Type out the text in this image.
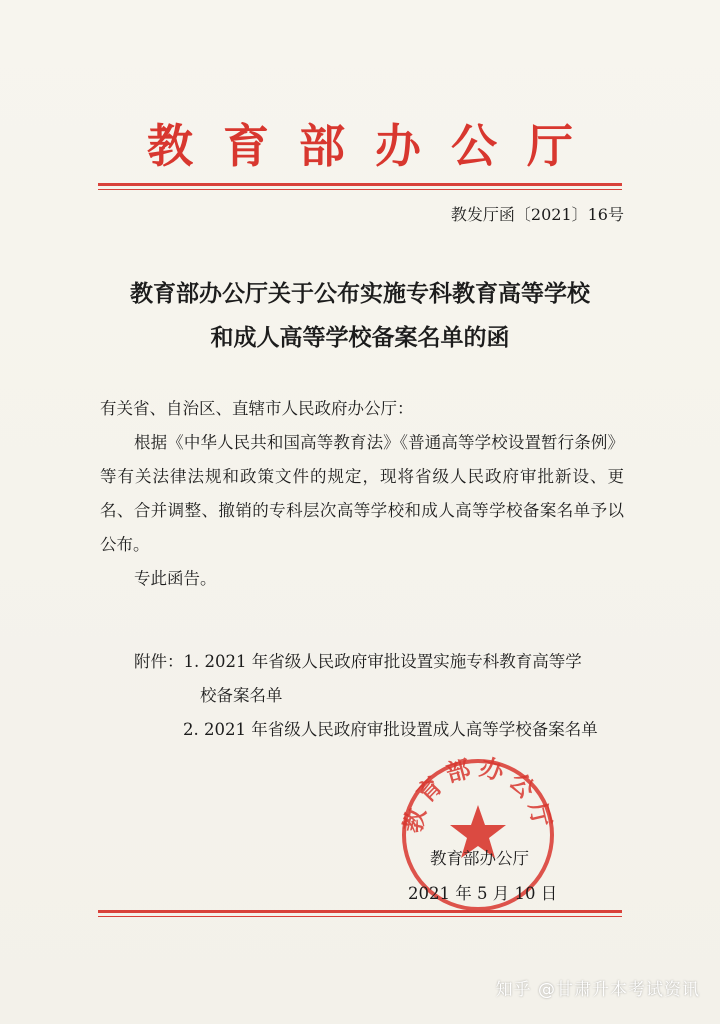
教育部办公厅
教发厅函〔2021〕16号
教育部办公厅关于公布实施专科教育高等学校
和成人高等学校备案名单的函
有关省、自治区、直辖市人民政府办公厅：
根据《中华人民共和国高等教育法》《普通高等学校设置暂行条例》等有关法律法规和政策文件的规定，现将省级人民政府审批新设、更名、合并调整、撤销的专科层次高等学校和成人高等学校备案名单予以公布。
专此函告。
附件：1. 2021 年省级人民政府审批设置实施专科教育高等学
校备案名单
2. 2021 年省级人民政府审批设置成人高等学校备案名单
教育部办公厅
教育部办公厅
2021 年 5 月 10 日
知乎 @甘肃升本考试资讯
